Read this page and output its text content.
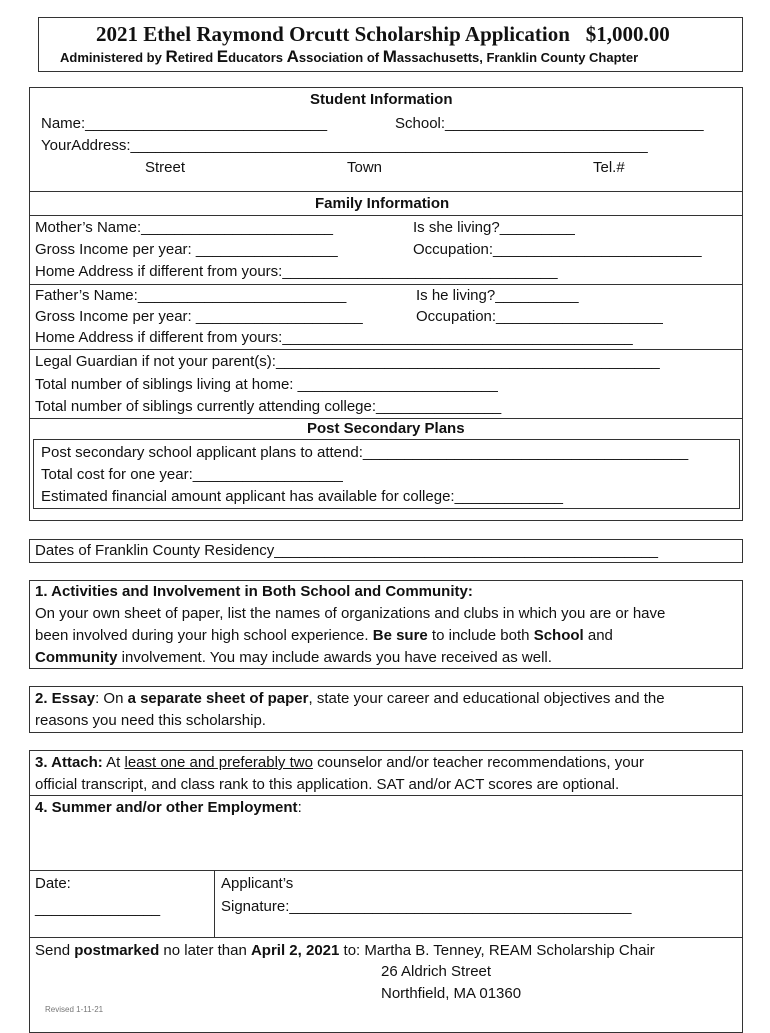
2021 Ethel Raymond Orcutt Scholarship Application $1,000.00
Administered by Retired Educators Association of Massachusetts, Franklin County Chapter
Student Information
Name:_____________________________	School:_______________________________
YourAddress:______________________________________________________________
Street	Town	Tel.#
Family Information
Mother’s Name:_______________________	Is she living?_________
Gross Income per year: _________________	Occupation:_________________________
Home Address if different from yours:_________________________________
Father’s Name:_________________________	Is he living?__________
Gross Income per year: ____________________	Occupation:____________________
Home Address if different from yours:__________________________________________
Legal Guardian if not your parent(s):______________________________________________
Total number of siblings living at home: ________________________
Total number of siblings currently attending college:_______________
Post Secondary Plans
Post secondary school applicant plans to attend:_______________________________________
Total cost for one year:__________________
Estimated financial amount applicant has available for college:_____________
Dates of Franklin County Residency______________________________________________
1. Activities and Involvement in Both School and Community:
On your own sheet of paper, list the names of organizations and clubs in which you are or have
been involved during your high school experience. Be sure to include both School and
Community involvement. You may include awards you have received as well.
2. Essay: On a separate sheet of paper, state your career and educational objectives and the
reasons you need this scholarship.
3. Attach: At least one and preferably two counselor and/or teacher recommendations, your
official transcript, and class rank to this application. SAT and/or ACT scores are optional.
4. Summer and/or other Employment:
Date:
_______________
Applicant’s
Signature:_________________________________________
Send postmarked no later than April 2, 2021 to: Martha B. Tenney, REAM Scholarship Chair
26 Aldrich Street
Northfield, MA 01360
Revised 1-11-21
